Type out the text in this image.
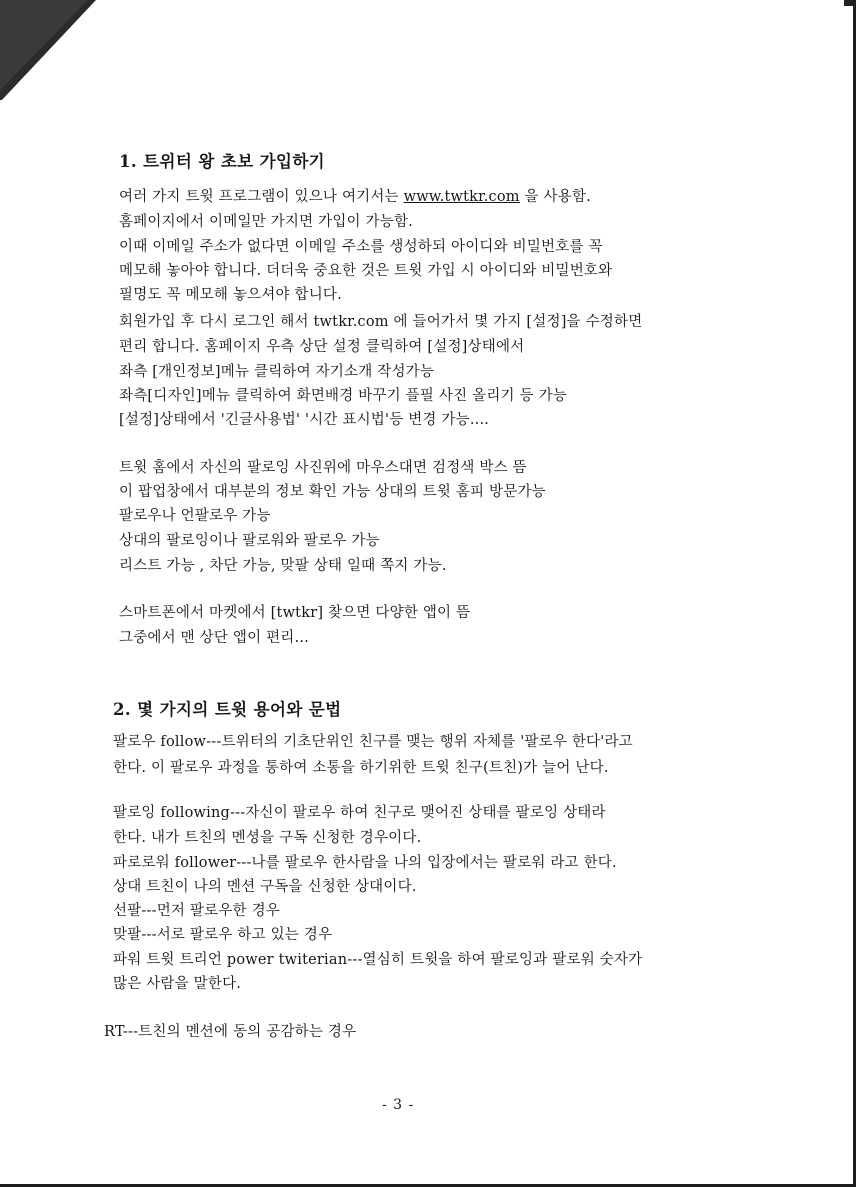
1. 트위터 왕 초보 가입하기
여러 가지 트윗 프로그램이 있으나 여기서는 www.twtkr.com 을 사용함.
홈페이지에서 이메일만 가지면 가입이 가능함.
이때 이메일 주소가 없다면 이메일 주소를 생성하되 아이디와 비밀번호를 꼭
메모해 놓아야 합니다. 더더욱 중요한 것은 트윗 가입 시 아이디와 비밀번호와
필명도 꼭 메모해 놓으셔야 합니다.
회원가입 후 다시 로그인 해서 twtkr.com 에 들어가서 몇 가지 [설정]을 수정하면
편리 합니다. 홈페이지 우측 상단 설정 클릭하여 [설정]상태에서
좌측 [개인정보]메뉴 클릭하여 자기소개 작성가능
좌측[디자인]메뉴 클릭하여 화면배경 바꾸기 플필 사진 올리기 등 가능
[설정]상태에서 '긴글사용법' '시간 표시법'등 변경 가능....
트윗 홈에서 자신의 팔로잉 사진위에 마우스대면 검정색 박스 뜸
이 팝업창에서 대부분의 정보 확인 가능 상대의 트윗 홈피 방문가능
팔로우나 언팔로우 가능
상대의 팔로잉이나 팔로워와 팔로우 가능
리스트 가능 , 차단 가능, 맞팔 상태 일때 쪽지 가능.
스마트폰에서 마켓에서 [twtkr] 찾으면 다양한 앱이 뜸
그중에서 맨 상단 앱이 편리...
2. 몇 가지의 트윗 용어와 문법
팔로우 follow---트위터의 기초단위인 친구를 맺는 행위 자체를 '팔로우 한다'라고
한다. 이 팔로우 과정을 통하여 소통을 하기위한 트윗 친구(트친)가 늘어 난다.
팔로잉 following---자신이 팔로우 하여 친구로 맺어진 상태를 팔로잉 상태라
한다. 내가 트친의 멘셩을 구독 신청한 경우이다.
파로로워 follower---나를 팔로우 한사람을 나의 입장에서는 팔로워 라고 한다.
상대 트친이 나의 멘션 구독을 신청한 상대이다.
선팔---먼저 팔로우한 경우
맞팔---서로 팔로우 하고 있는 경우
파워 트윗 트리언 power twiterian---열심히 트윗을 하여 팔로잉과 팔로워 숫자가
많은 사람을 말한다.
RT---트친의 멘션에 동의 공감하는 경우
- 3 -
